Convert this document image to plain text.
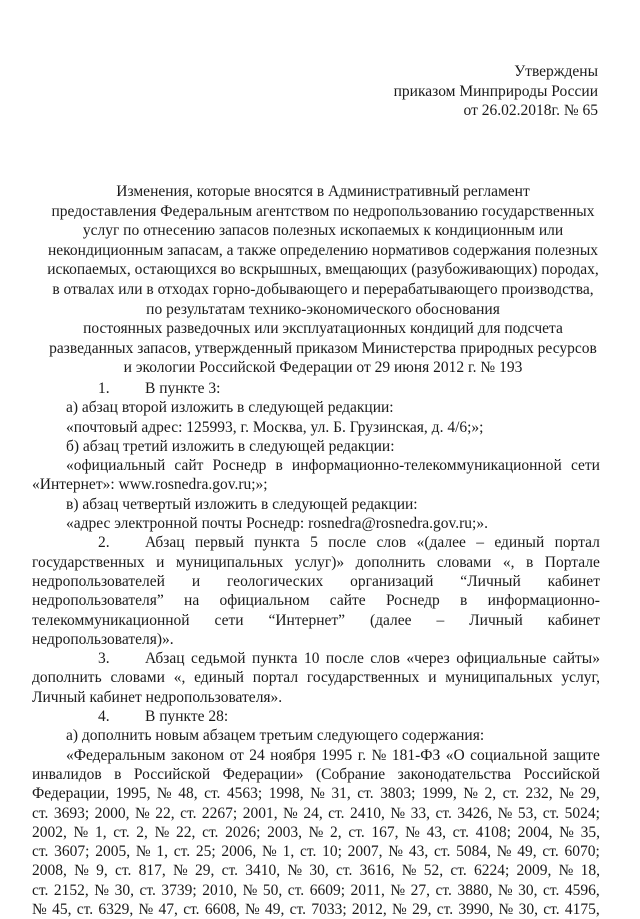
Утверждены
приказом Минприроды России
от 26.02.2018г. № 65
Изменения, которые вносятся в Административный регламент
предоставления Федеральным агентством по недропользованию государственных
услуг по отнесению запасов полезных ископаемых к кондиционным или
некондиционным запасам, а также определению нормативов содержания полезных
ископаемых, остающихся во вскрышных, вмещающих (разубоживающих) породах,
в отвалах или в отходах горно-добывающего и перерабатывающего производства,
по результатам технико-экономического обоснования
постоянных разведочных или эксплуатационных кондиций для подсчета
разведанных запасов, утвержденный приказом Министерства природных ресурсов
и экологии Российской Федерации от 29 июня 2012 г. № 193
1. В пункте 3:
а) абзац второй изложить в следующей редакции:
«почтовый адрес: 125993, г. Москва, ул. Б. Грузинская, д. 4/6;»;
б) абзац третий изложить в следующей редакции:
«официальный сайт Роснедр в информационно-телекоммуникационной сети
«Интернет»: www.rosnedra.gov.ru;»;
в) абзац четвертый изложить в следующей редакции:
«адрес электронной почты Роснедр: rosnedra@rosnedra.gov.ru;».
2.	Абзац первый пункта 5 после слов «(далее – единый портал
государственных и муниципальных услуг)» дополнить словами «, в Портале
недропользователей и геологических организаций “Личный кабинет
недропользователя” на официальном сайте Роснедр в информационно-
телекоммуникационной сети “Интернет” (далее – Личный кабинет
недропользователя)».
3.	Абзац седьмой пункта 10 после слов «через официальные сайты»
дополнить словами «, единый портал государственных и муниципальных услуг,
Личный кабинет недропользователя».
4. В пункте 28:
а) дополнить новым абзацем третьим следующего содержания:
«Федеральным законом от 24 ноября 1995 г. № 181-ФЗ «О социальной защите
инвалидов в Российской Федерации» (Собрание законодательства Российской
Федерации, 1995, № 48, ст. 4563; 1998, № 31, ст. 3803; 1999, № 2, ст. 232, № 29,
ст. 3693; 2000, № 22, ст. 2267; 2001, № 24, ст. 2410, № 33, ст. 3426, № 53, ст. 5024;
2002, № 1, ст. 2, № 22, ст. 2026; 2003, № 2, ст. 167, № 43, ст. 4108; 2004, № 35,
ст. 3607; 2005, № 1, ст. 25; 2006, № 1, ст. 10; 2007, № 43, ст. 5084, № 49, ст. 6070;
2008, № 9, ст. 817, № 29, ст. 3410, № 30, ст. 3616, № 52, ст. 6224; 2009, № 18,
ст. 2152, № 30, ст. 3739; 2010, № 50, ст. 6609; 2011, № 27, ст. 3880, № 30, ст. 4596,
№ 45, ст. 6329, № 47, ст. 6608, № 49, ст. 7033; 2012, № 29, ст. 3990, № 30, ст. 4175,
